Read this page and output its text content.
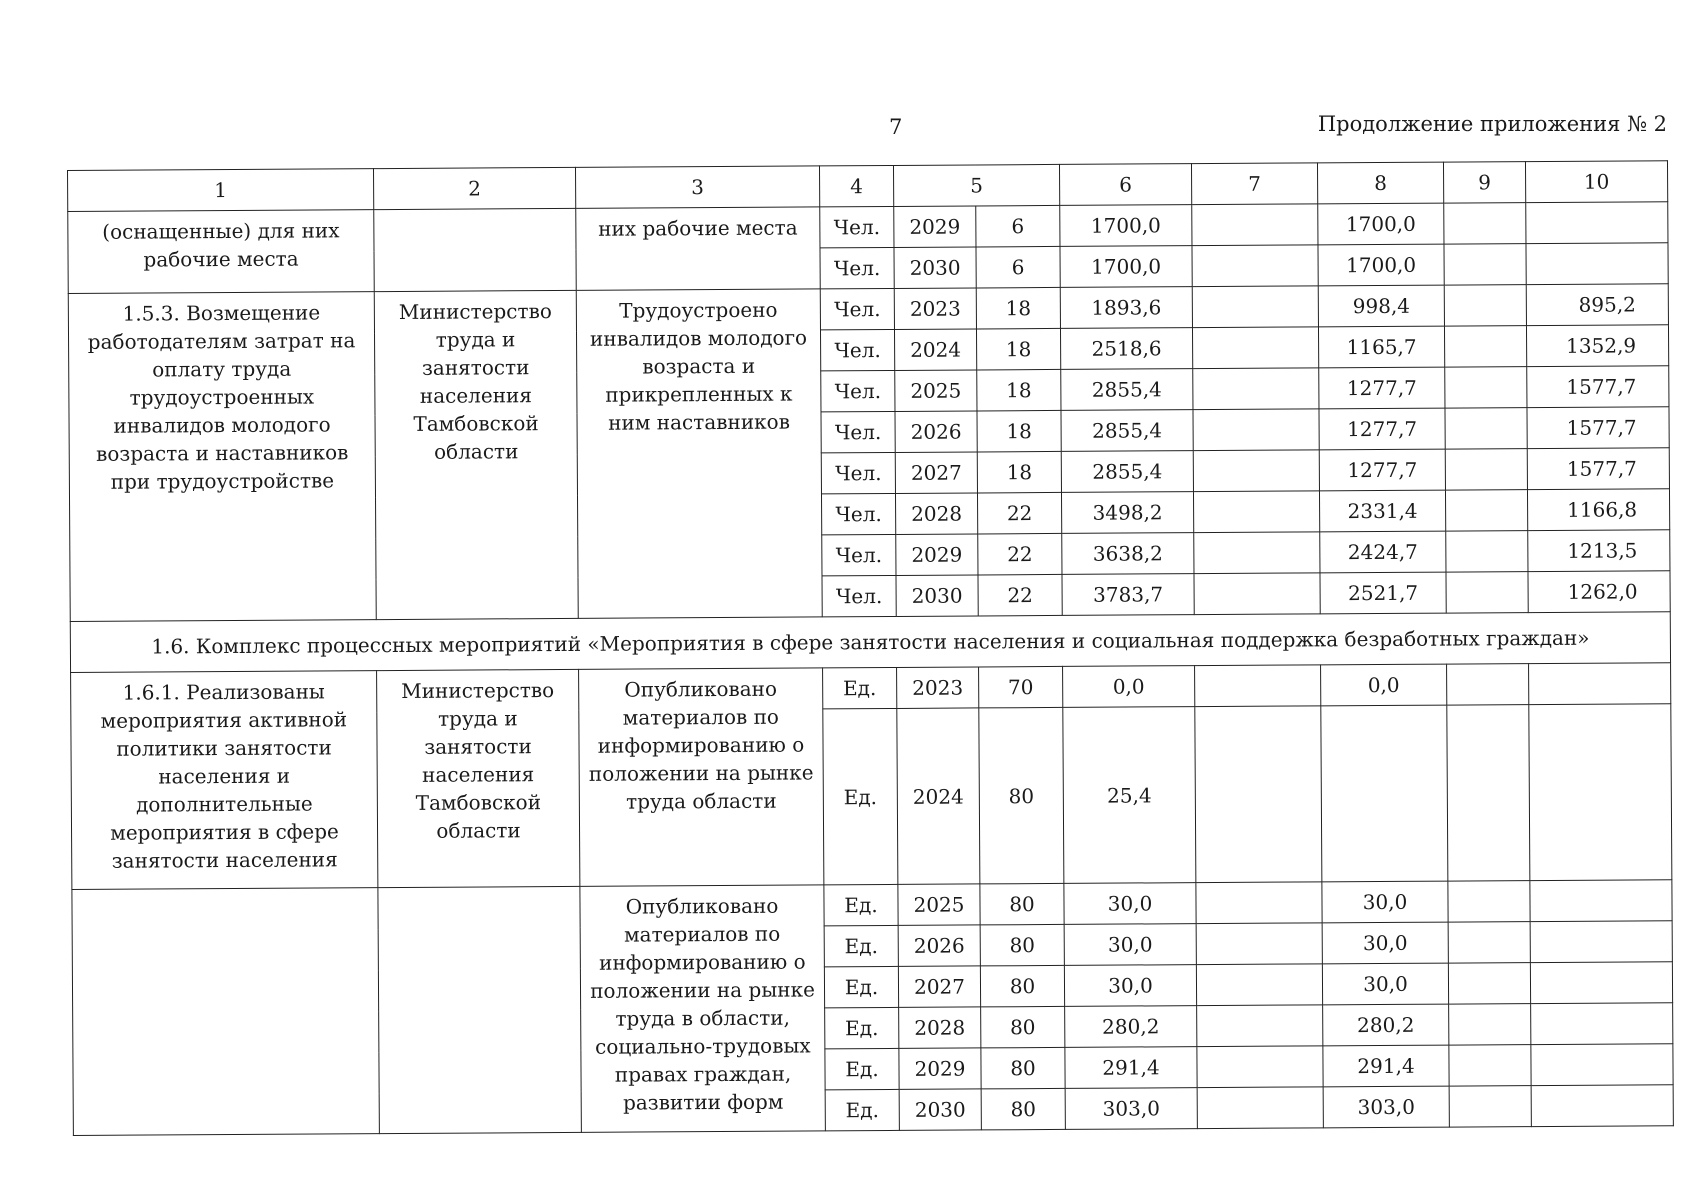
7	Продолжение приложения № 2
1	2	3	4	5		6	7	8	9	10
(оснащенные) для них рабочие места		них рабочие места	Чел.	2029	6	1700,0		1700,0		
			Чел.	2030	6	1700,0		1700,0		
1.5.3. Возмещение работодателям затрат на оплату труда трудоустроенных инвалидов молодого возраста и наставников при трудоустройстве	Министерство труда и занятости населения Тамбовской области	Трудоустроено инвалидов молодого возраста и прикрепленных к ним наставников	Чел.	2023	18	1893,6		998,4		895,2
			Чел.	2024	18	2518,6		1165,7		1352,9
			Чел.	2025	18	2855,4		1277,7		1577,7
			Чел.	2026	18	2855,4		1277,7		1577,7
			Чел.	2027	18	2855,4		1277,7		1577,7
			Чел.	2028	22	3498,2		2331,4		1166,8
			Чел.	2029	22	3638,2		2424,7		1213,5
			Чел.	2030	22	3783,7		2521,7		1262,0
1.6. Комплекс процессных мероприятий «Мероприятия в сфере занятости населения и социальная поддержка безработных граждан»										
1.6.1. Реализованы мероприятия активной политики занятости населения и дополнительные мероприятия в сфере занятости населения	Министерство труда и занятости населения Тамбовской области	Опубликовано материалов по информированию о положении на рынке труда области	Ед.	2023	70	0,0		0,0		
			Ед.	2024	80	25,4				
		Опубликовано материалов по информированию о положении на рынке труда в области, социально-трудовых правах граждан, развитии форм	Ед.	2025	80	30,0		30,0		
			Ед.	2026	80	30,0		30,0		
			Ед.	2027	80	30,0		30,0		
			Ед.	2028	80	280,2		280,2		
			Ед.	2029	80	291,4		291,4		
			Ед.	2030	80	303,0		303,0		
